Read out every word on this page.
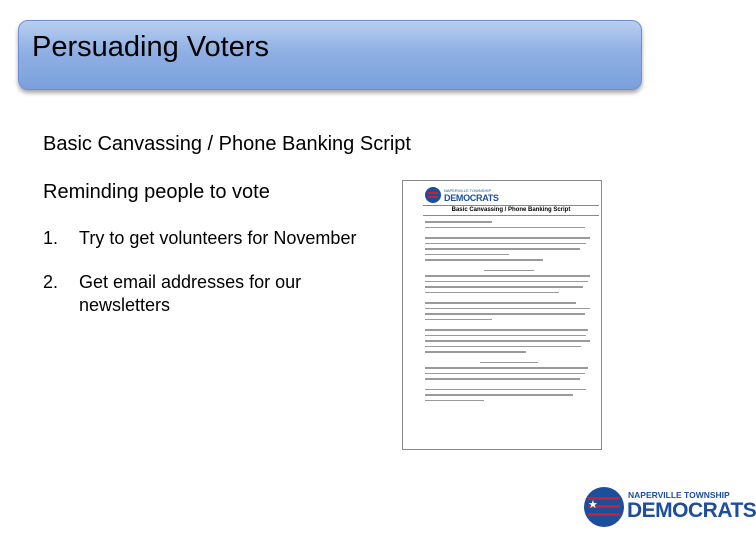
Persuading Voters
Basic Canvassing / Phone Banking Script
Reminding people to vote
1.	Try to get volunteers for November
2.	Get email addresses for our newsletters
NAPERVILLE TOWNSHIP
DEMOCRATS
Basic Canvassing / Phone Banking Script
★
NAPERVILLE TOWNSHIP
DEMOCRATS
